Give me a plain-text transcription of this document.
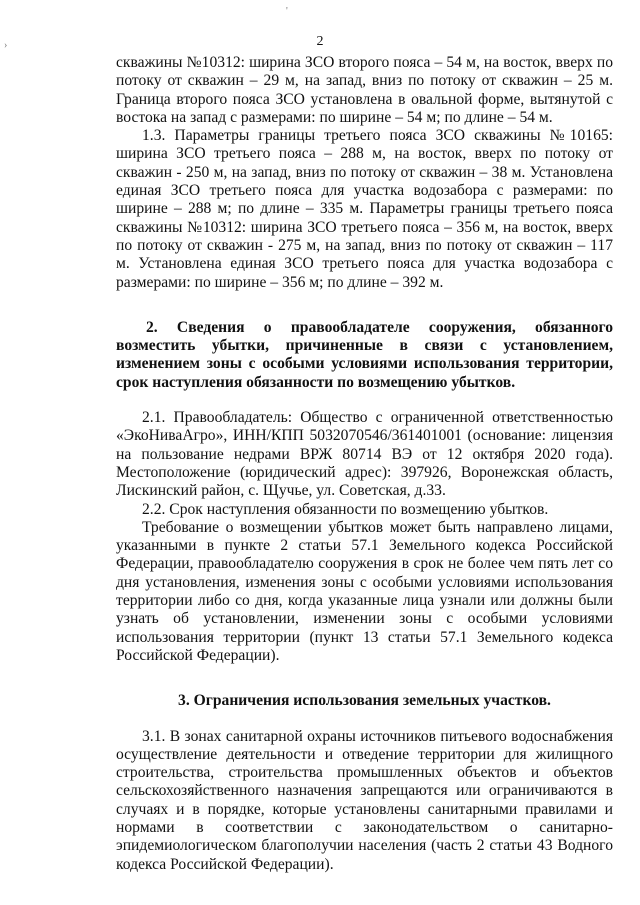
2
'
›
скважины №10312: ширина ЗСО второго пояса – 54 м, на восток, вверх по потоку от скважин – 29 м, на запад, вниз по потоку от скважин – 25 м. Граница второго пояса ЗСО установлена в овальной форме, вытянутой с востока на запад с размерами: по ширине – 54 м; по длине – 54 м.
1.3. Параметры границы третьего пояса ЗСО скважины №10165: ширина ЗСО третьего пояса – 288 м, на восток, вверх по потоку от скважин - 250 м, на запад, вниз по потоку от скважин – 38 м. Установлена единая ЗСО третьего пояса для участка водозабора с размерами: по ширине – 288 м; по длине – 335 м. Параметры границы третьего пояса скважины №10312: ширина ЗСО третьего пояса – 356 м, на восток, вверх по потоку от скважин - 275 м, на запад, вниз по потоку от скважин – 117 м. Установлена единая ЗСО третьего пояса для участка водозабора с размерами: по ширине – 356 м; по длине – 392 м.
2. Сведения о правообладателе сооружения, обязанного возместить убытки, причиненные в связи с установлением, изменением зоны с особыми условиями использования территории, срок наступления обязанности по возмещению убытков.
2.1. Правообладатель: Общество с ограниченной ответственностью «ЭкоНиваАгро», ИНН/КПП 5032070546/361401001 (основание: лицензия на пользование недрами ВРЖ 80714 ВЭ от 12 октября 2020 года). Местоположение (юридический адрес): 397926, Воронежская область, Лискинский район, с. Щучье, ул. Советская, д.33.
2.2. Срок наступления обязанности по возмещению убытков.
Требование о возмещении убытков может быть направлено лицами, указанными в пункте 2 статьи 57.1 Земельного кодекса Российской Федерации, правообладателю сооружения в срок не более чем пять лет со дня установления, изменения зоны с особыми условиями использования территории либо со дня, когда указанные лица узнали или должны были узнать об установлении, изменении зоны с особыми условиями использования территории (пункт 13 статьи 57.1 Земельного кодекса Российской Федерации).
3. Ограничения использования земельных участков.
3.1. В зонах санитарной охраны источников питьевого водоснабжения осуществление деятельности и отведение территории для жилищного строительства, строительства промышленных объектов и объектов сельскохозяйственного назначения запрещаются или ограничиваются в случаях и в порядке, которые установлены санитарными правилами и нормами в соответствии с законодательством о санитарно-эпидемиологическом благополучии населения (часть 2 статьи 43 Водного кодекса Российской Федерации).
